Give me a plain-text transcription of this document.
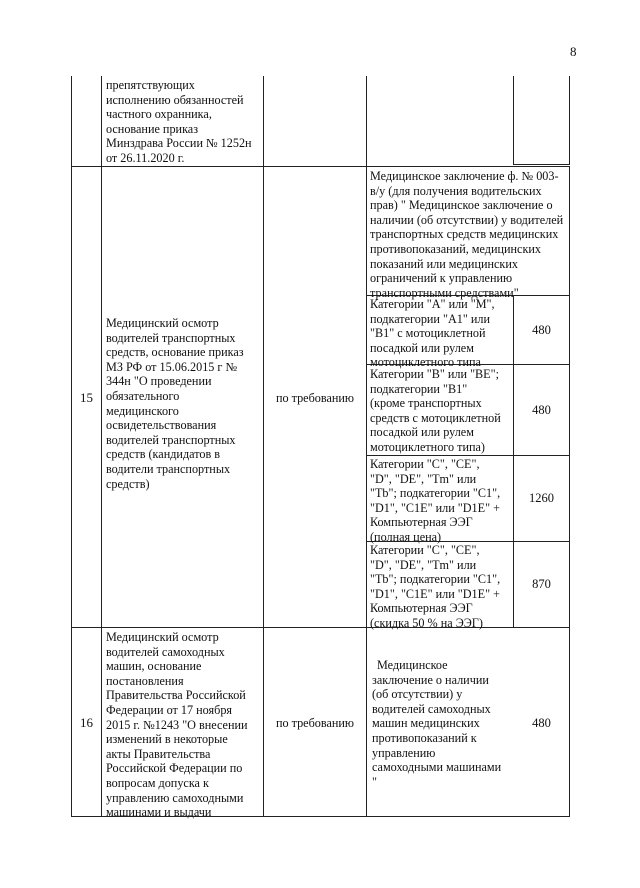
8
препятствующих
исполнению обязанностей
частного охранника,
основание приказ
Минздрава России № 1252н
от 26.11.2020 г.
15
Медицинский осмотр
водителей транспортных
средств, основание приказ
МЗ РФ от 15.06.2015 г №
344н "О проведении
обязательного
медицинского
освидетельствования
водителей транспортных
средств (кандидатов в
водители транспортных
средств)
по требованию
Медицинское заключение ф. № 003-
в/у (для получения водительских
прав) " Медицинское заключение о
наличии (об отсутствии) у водителей
транспортных средств медицинских
противопоказаний, медицинских
показаний или медицинских
ограничений к управлению
транспортными средствами"
Категории "А" или "М",
подкатегории "А1" или
"В1" с мотоциклетной
посадкой или рулем
мотоциклетного типа
480
Категории "В" или "ВЕ";
подкатегории "В1"
(кроме транспортных
средств с мотоциклетной
посадкой или рулем
мотоциклетного типа)
480
Категории "С", "СЕ",
"D", "DE", "Tm" или
"Tb"; подкатегории "С1",
"D1", "С1Е" или "D1E" +
Компьютерная ЭЭГ
(полная цена)
1260
Категории "С", "СЕ",
"D", "DE", "Tm" или
"Tb"; подкатегории "С1",
"D1", "С1Е" или "D1E" +
Компьютерная ЭЭГ
(скидка 50 % на ЭЭГ)
870
16
Медицинский осмотр
водителей самоходных
машин, основание
постановления
Правительства Российской
Федерации от 17 ноября
2015 г. №1243 "О внесении
изменений в некоторые
акты Правительства
Российской Федерации по
вопросам допуска к
управлению самоходными
машинами и выдачи
по требованию
Медицинское
заключение о наличии
(об отсутствии) у
водителей самоходных
машин медицинских
противопоказаний к
управлению
самоходными машинами
"
480
